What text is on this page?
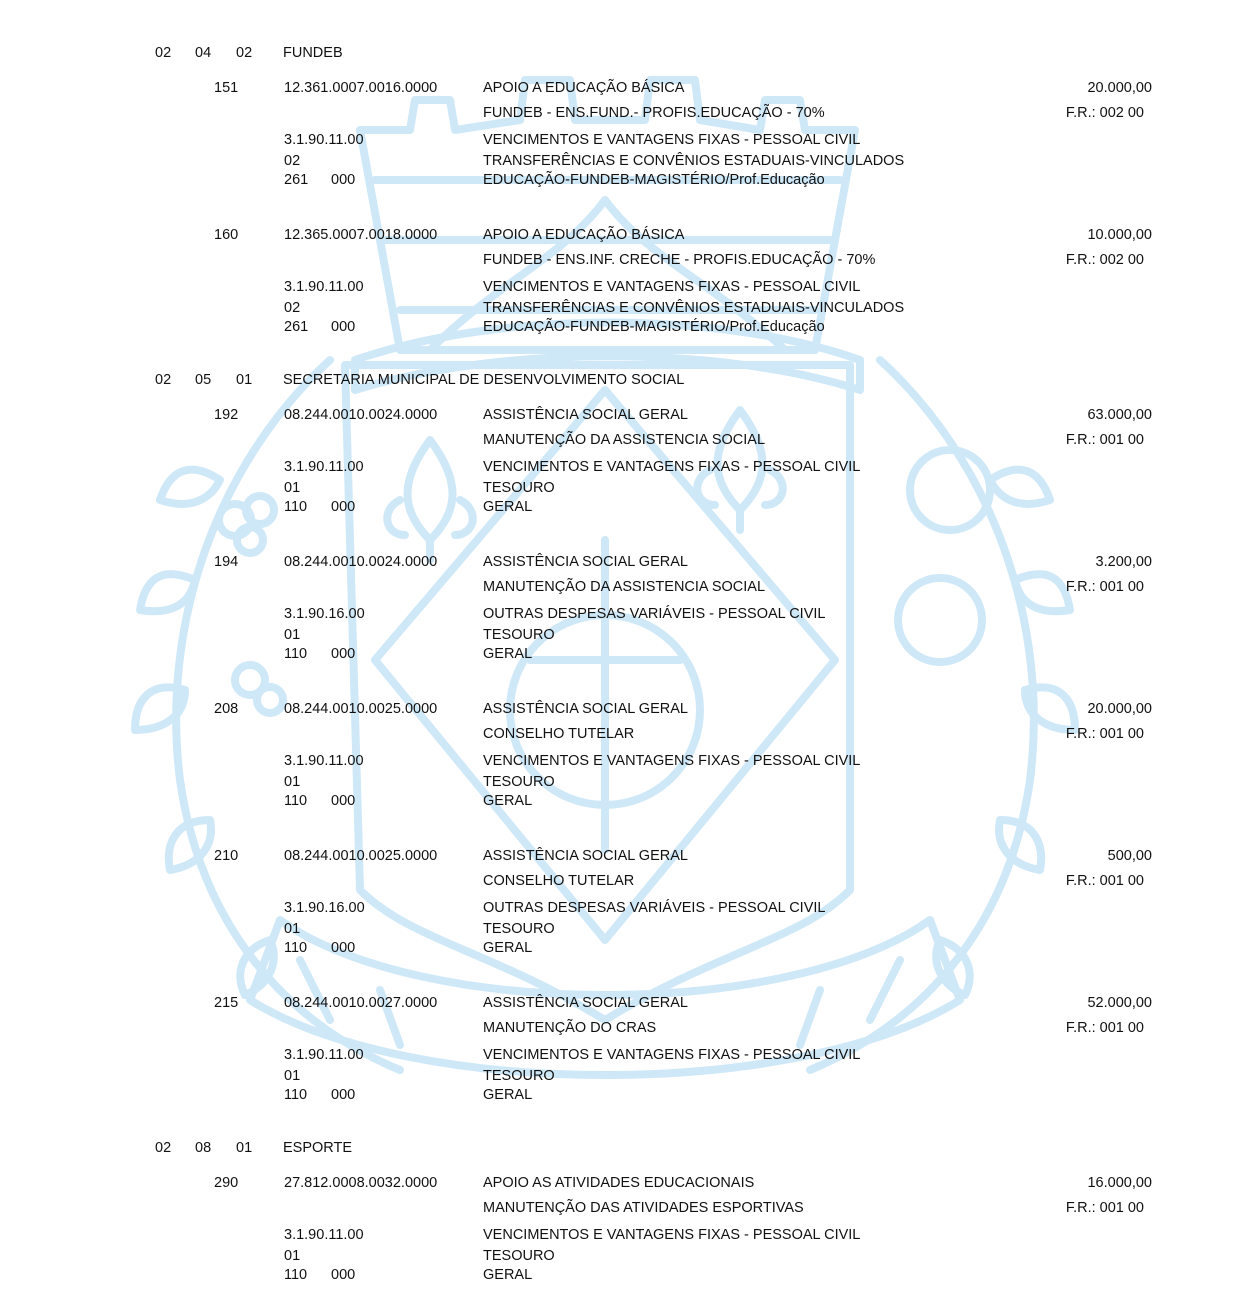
02 04 02 FUNDEB
151	12.361.0007.0016.0000	APOIO A EDUCAÇÃO BÁSICA	20.000,00
FUNDEB - ENS.FUND.- PROFIS.EDUCAÇÃO - 70%	F.R.: 002 00
3.1.90.11.00	VENCIMENTOS E VANTAGENS FIXAS - PESSOAL CIVIL
02	TRANSFERÊNCIAS E CONVÊNIOS ESTADUAIS-VINCULADOS
261 000	EDUCAÇÃO-FUNDEB-MAGISTÉRIO/Prof.Educação
160	12.365.0007.0018.0000	APOIO A EDUCAÇÃO BÁSICA	10.000,00
FUNDEB - ENS.INF. CRECHE - PROFIS.EDUCAÇÃO - 70%	F.R.: 002 00
3.1.90.11.00	VENCIMENTOS E VANTAGENS FIXAS - PESSOAL CIVIL
02	TRANSFERÊNCIAS E CONVÊNIOS ESTADUAIS-VINCULADOS
261 000	EDUCAÇÃO-FUNDEB-MAGISTÉRIO/Prof.Educação
02 05 01 SECRETARIA MUNICIPAL DE DESENVOLVIMENTO SOCIAL
192	08.244.0010.0024.0000	ASSISTÊNCIA SOCIAL GERAL	63.000,00
MANUTENÇÃO DA ASSISTENCIA SOCIAL	F.R.: 001 00
3.1.90.11.00	VENCIMENTOS E VANTAGENS FIXAS - PESSOAL CIVIL
01	TESOURO
110 000	GERAL
194	08.244.0010.0024.0000	ASSISTÊNCIA SOCIAL GERAL	3.200,00
MANUTENÇÃO DA ASSISTENCIA SOCIAL	F.R.: 001 00
3.1.90.16.00	OUTRAS DESPESAS VARIÁVEIS - PESSOAL CIVIL
01	TESOURO
110 000	GERAL
208	08.244.0010.0025.0000	ASSISTÊNCIA SOCIAL GERAL	20.000,00
CONSELHO TUTELAR	F.R.: 001 00
3.1.90.11.00	VENCIMENTOS E VANTAGENS FIXAS - PESSOAL CIVIL
01	TESOURO
110 000	GERAL
210	08.244.0010.0025.0000	ASSISTÊNCIA SOCIAL GERAL	500,00
CONSELHO TUTELAR	F.R.: 001 00
3.1.90.16.00	OUTRAS DESPESAS VARIÁVEIS - PESSOAL CIVIL
01	TESOURO
110 000	GERAL
215	08.244.0010.0027.0000	ASSISTÊNCIA SOCIAL GERAL	52.000,00
MANUTENÇÃO DO CRAS	F.R.: 001 00
3.1.90.11.00	VENCIMENTOS E VANTAGENS FIXAS - PESSOAL CIVIL
01	TESOURO
110 000	GERAL
02 08 01 ESPORTE
290	27.812.0008.0032.0000	APOIO AS ATIVIDADES EDUCACIONAIS	16.000,00
MANUTENÇÃO DAS ATIVIDADES ESPORTIVAS	F.R.: 001 00
3.1.90.11.00	VENCIMENTOS E VANTAGENS FIXAS - PESSOAL CIVIL
01	TESOURO
110 000	GERAL
